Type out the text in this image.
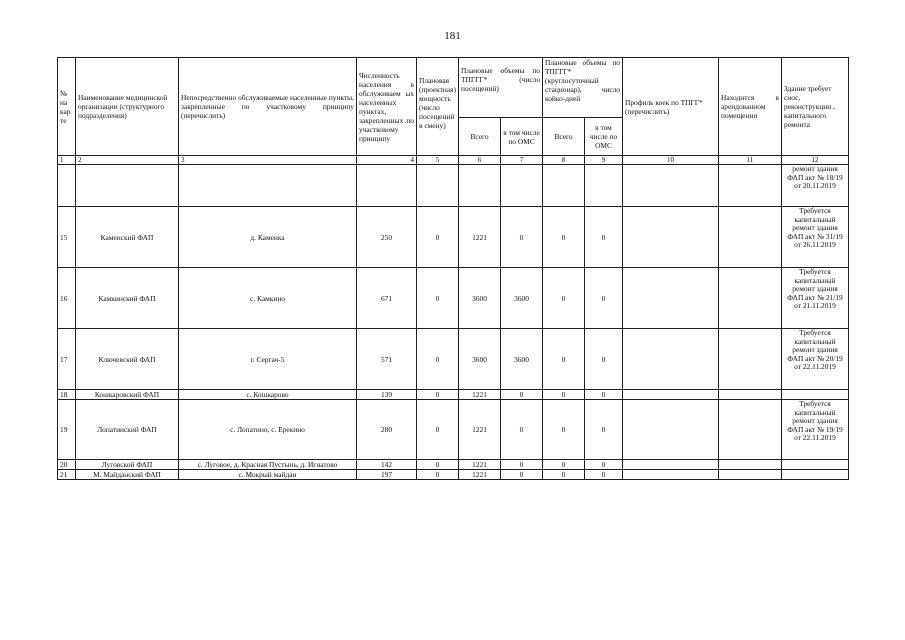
181
№ на кар те	Наименование медицинской организации (структурного подразделения)	Непосредственно обслуживаемые населенные пункты, закрепленные по участковому принципу (перечислить)	Численность населения в обслуживаем ых населенных пунктах, закрепленных по участковому принципу	Плановая (проектная) мощность (число посещений в смену)	Плановые объемы по ТПГГГ* (число посещений)		Плановые объемы по ТПГГГ* (круглосуточный стационар), число койко-дней		Профиль коек по ТПГГ* (перечислить)	Находится в арендованном помещении	Здание требует снос, реконструкции , капитального ремонта
					Всего	в том числе по ОМС	Всего	в том числе по ОМС			
1	2	3	4	5	6	7	8	9	10	11	12
											ремонт здания ФАП акт № 18/19 от 20.11.2019
15	Каменский ФАП	д. Каменка	250	0	1221	0	0	0			Требуется капитальный ремонт здания ФАП акт № 31/19 от 26.11.2019
16	Камкинский ФАП	с. Камкино	671	0	3600	3600	0	0			Требуется капитальный ремонт здания ФАП акт № 21/19 от 21.11.2019
17	Ключевский ФАП	г. Сергач-5	571	0	3600	3600	0	0			Требуется капитальный ремонт здания ФАП акт № 20/19 от 22.11.2019
18	Кошкаровский ФАП	с. Кошкарово	139	0	1221	0	0	0			
19	Лопатинский ФАП	с. Лопатино, с. Ерекино	280	0	1221	0	0	0			Требуется капитальный ремонт здания ФАП акт № 19/19 от 22.11.2019
20	Луговской ФАП	с. Луговое, д. Красная Пустынь, д. Игнатово	142	0	1221	0	0	0			
21	М. Майданский ФАП	с. Мокрый майдан	197	0	1221	0	0	0			
